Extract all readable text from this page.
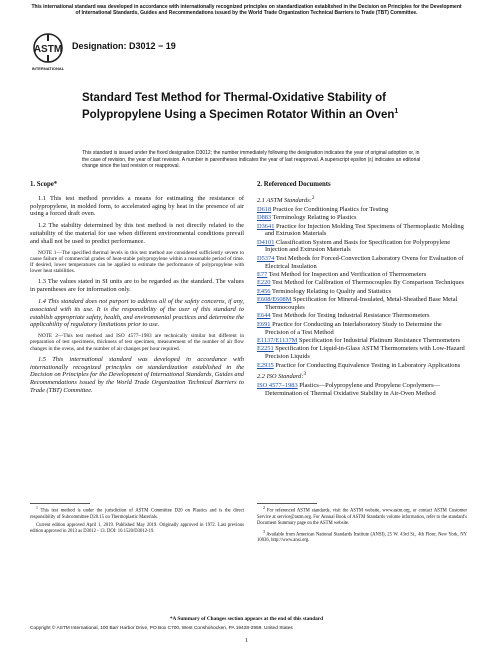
This international standard was developed in accordance with internationally recognized principles on standardization established in the Decision on Principles for the Development of International Standards, Guides and Recommendations issued by the World Trade Organization Technical Barriers to Trade (TBT) Committee.
ASTM
INTERNATIONAL
Designation: D3012 − 19
Standard Test Method for Thermal-Oxidative Stability of Polypropylene Using a Specimen Rotator Within an Oven$^1$
This standard is issued under the fixed designation D3012; the number immediately following the designation indicates the year of original adoption or, in the case of revision, the year of last revision. A number in parentheses indicates the year of last reapproval. A superscript epsilon (ε) indicates an editorial change since the last revision or reapproval.
1. Scope*

1.1 This test method provides a means for estimating the resistance of polypropylene, in molded form, to accelerated aging by heat in the presence of air using a forced draft oven.

1.2 The stability determined by this test method is not directly related to the suitability of the material for use when different environmental conditions prevail and shall not be used to predict performance.

NOTE 1—The specified thermal levels in this test method are considered sufficiently severe to cause failure of commercial grades of heat-stable polypropylene within a reasonable period of time. If desired, lower temperatures can be applied to estimate the performance of polypropylene with lower heat stabilities.

1.3 The values stated in SI units are to be regarded as the standard. The values in parentheses are for information only.

1.4 This standard does not purport to address all of the safety concerns, if any, associated with its use. It is the responsibility of the user of this standard to establish appropriate safety, health, and environmental practices and determine the applicability of regulatory limitations prior to use.

NOTE 2—This test method and ISO 4577–1983 are technically similar but different in preparation of test specimens, thickness of test specimen, measurement of the number of air flow changes in the ovens, and the number of air changes per hour required.

1.5 This international standard was developed in accordance with internationally recognized principles on standardization established in the Decision on Principles for the Development of International Standards, Guides and Recommendations issued by the World Trade Organization Technical Barriers to Trade (TBT) Committee.

2. Referenced Documents
2.1 ASTM Standards:$^2$
D618 Practice for Conditioning Plastics for Testing
D883 Terminology Relating to Plastics
D3641 Practice for Injection Molding Test Specimens of Thermoplastic Molding and Extrusion Materials
D4101 Classification System and Basis for Specification for Polypropylene Injection and Extrusion Materials
D5374 Test Methods for Forced-Convection Laboratory Ovens for Evaluation of Electrical Insulation
E77 Test Method for Inspection and Verification of Thermometers
E220 Test Method for Calibration of Thermocouples By Comparison Techniques
E456 Terminology Relating to Quality and Statistics
E608/E608M Specification for Mineral-Insulated, Metal-Sheathed Base Metal Thermocouples
E644 Test Methods for Testing Industrial Resistance Thermometers
E691 Practice for Conducting an Interlaboratory Study to Determine the Precision of a Test Method
E1137/E1137M Specification for Industrial Platinum Resistance Thermometers
E2251 Specification for Liquid-in-Glass ASTM Thermometers with Low-Hazard Precision Liquids
E2935 Practice for Conducting Equivalence Testing in Laboratory Applications
2.2 ISO Standard:$^3$
ISO 4577–1983 Plastics—Polypropylene and Propylene Copolymers—Determination of Thermal Oxidative Stability in Air-Oven Method

$^1$ This test method is under the jurisdiction of ASTM Committee D20 on Plastics and is the direct responsibility of Subcommittee D20.15 on Thermoplastic Materials.

Current edition approved April 1, 2019. Published May 2019. Originally approved in 1972. Last previous edition approved in 2013 as D3012 - 13. DOI: 10.1520/D3012-19.

$^2$ For referenced ASTM standards, visit the ASTM website, www.astm.org, or contact ASTM Customer Service at service@astm.org. For Annual Book of ASTM Standards volume information, refer to the standard's Document Summary page on the ASTM website.

$^3$ Available from American National Standards Institute (ANSI), 25 W. 43rd St., 4th Floor, New York, NY 10036, http://www.ansi.org.

*A Summary of Changes section appears at the end of this standard
Copyright © ASTM International, 100 Barr Harbor Drive, PO Box C700, West Conshohocken, PA 19428-2959. United States
1
